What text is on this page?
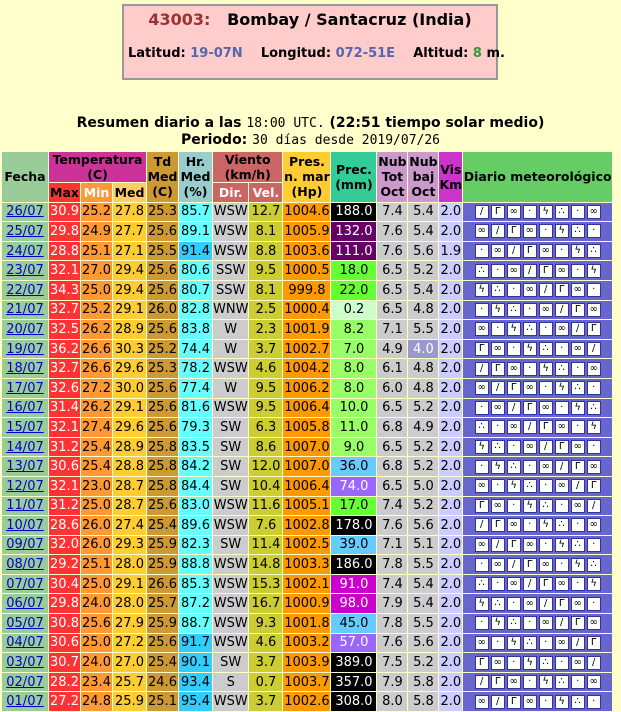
43003: Bombay / Santacruz (India)
Latitud: 19-07N Longitud: 072-51E Altitud: 8 m.
Resumen diario a las 18:00 UTC. (22:51 tiempo solar medio)
Periodo: 30 días desde 2019/07/26
Fecha	Temperatura (C)			Td Med (C)	Hr. Med (%)	Viento (km/h)		Pres. n. mar (Hp)	Prec. (mm)	Nub Tot Oct	Nub baj Oct	Vis Km	Diario meteorológico
	Max	Min	Med			Dir.	Vel.						
26/07	30.9	25.2	27.8	25.3	85.7	WSW	12.7	1004.6	188.0	7.4	5.4	2.0	/ Γ ∞ · ϟ ∴ · ∞
25/07	29.8	24.9	27.7	25.6	89.1	WSW	8.1	1005.9	132.0	7.6	5.4	2.0	∞ / Γ ∞ · ϟ ∴ ·
24/07	28.8	25.1	27.1	25.5	91.4	WSW	8.8	1003.6	111.0	7.6	5.6	1.9	· ∞ / Γ ∞ · ϟ ∴
23/07	32.1	27.0	29.4	25.6	80.6	SSW	9.5	1000.5	18.0	6.5	5.2	2.0	∴ · ∞ / Γ ∞ · ϟ
22/07	34.3	25.0	29.4	25.6	80.7	SSW	8.1	999.8	22.0	6.5	5.4	2.0	ϟ ∴ · ∞ / Γ ∞ ·
21/07	32.7	25.2	29.1	26.0	82.8	WNW	2.5	1000.4	0.2	6.5	4.8	2.0	· ϟ ∴ · ∞ / Γ ∞
20/07	32.5	26.2	28.9	25.6	83.8	W	2.3	1001.9	8.2	7.1	5.5	2.0	∞ · ϟ ∴ · ∞ / Γ
19/07	36.2	26.6	30.3	25.2	74.4	W	3.7	1002.7	7.0	4.9	4.0	2.0	Γ ∞ · ϟ ∴ · ∞ /
18/07	32.7	26.6	29.6	25.3	78.2	WSW	4.6	1004.2	8.0	6.1	4.8	2.0	/ Γ ∞ · ϟ ∴ · ∞
17/07	32.6	27.2	30.0	25.6	77.4	W	9.5	1006.2	8.0	6.0	4.8	2.0	∞ / Γ ∞ · ϟ ∴ ·
16/07	31.4	26.2	29.1	25.6	81.6	WSW	9.5	1006.4	10.0	6.5	5.2	2.0	· ∞ / Γ ∞ · ϟ ∴
15/07	32.1	27.4	29.6	25.6	79.3	SW	6.3	1005.8	11.0	6.8	4.9	2.0	∴ · ∞ / Γ ∞ · ϟ
14/07	31.2	25.4	28.9	25.8	83.5	SW	8.6	1007.0	9.0	6.5	5.2	2.0	ϟ ∴ · ∞ / Γ ∞ ·
13/07	30.6	25.4	28.8	25.8	84.2	SW	12.0	1007.0	36.0	6.8	5.2	2.0	· ϟ ∴ · ∞ / Γ ∞
12/07	32.1	23.0	28.7	25.8	84.4	SW	10.4	1006.4	74.0	6.5	5.0	2.0	∞ · ϟ ∴ · ∞ / Γ
11/07	31.2	25.0	28.7	25.6	83.0	WSW	11.6	1005.1	17.0	7.4	5.2	2.0	Γ ∞ · ϟ ∴ · ∞ /
10/07	28.6	26.0	27.4	25.4	89.6	WSW	7.6	1002.8	178.0	7.6	5.6	2.0	/ Γ ∞ · ϟ ∴ · ∞
09/07	32.0	26.0	29.3	25.9	82.3	SW	11.4	1002.5	39.0	7.1	5.1	2.0	∞ / Γ ∞ · ϟ ∴ ·
08/07	29.2	25.1	28.0	25.9	88.8	WSW	14.8	1003.3	186.0	7.8	5.5	2.0	· ∞ / Γ ∞ · ϟ ∴
07/07	30.4	25.0	29.1	26.6	85.3	WSW	15.3	1002.1	91.0	7.4	5.4	2.0	∴ · ∞ / Γ ∞ · ϟ
06/07	29.8	24.0	28.0	25.7	87.2	WSW	16.7	1000.9	98.0	7.9	5.4	2.0	ϟ ∴ · ∞ / Γ ∞ ·
05/07	30.8	25.6	27.9	25.9	88.7	WSW	9.3	1001.8	45.0	7.8	5.5	2.0	· ϟ ∴ · ∞ / Γ ∞
04/07	30.6	25.0	27.2	25.6	91.7	WSW	4.6	1003.2	57.0	7.6	5.6	2.0	∞ · ϟ ∴ · ∞ / Γ
03/07	30.7	24.0	27.0	25.4	90.1	SW	3.7	1003.9	389.0	7.5	5.2	2.0	Γ ∞ · ϟ ∴ · ∞ /
02/07	28.2	23.4	25.7	24.6	93.4	S	0.7	1003.7	357.0	7.9	5.8	2.0	/ Γ ∞ · ϟ ∴ · ∞
01/07	27.2	24.8	25.9	25.1	95.4	WSW	3.7	1002.6	308.0	8.0	5.8	2.0	∞ / Γ ∞ · ϟ ∴ ·
